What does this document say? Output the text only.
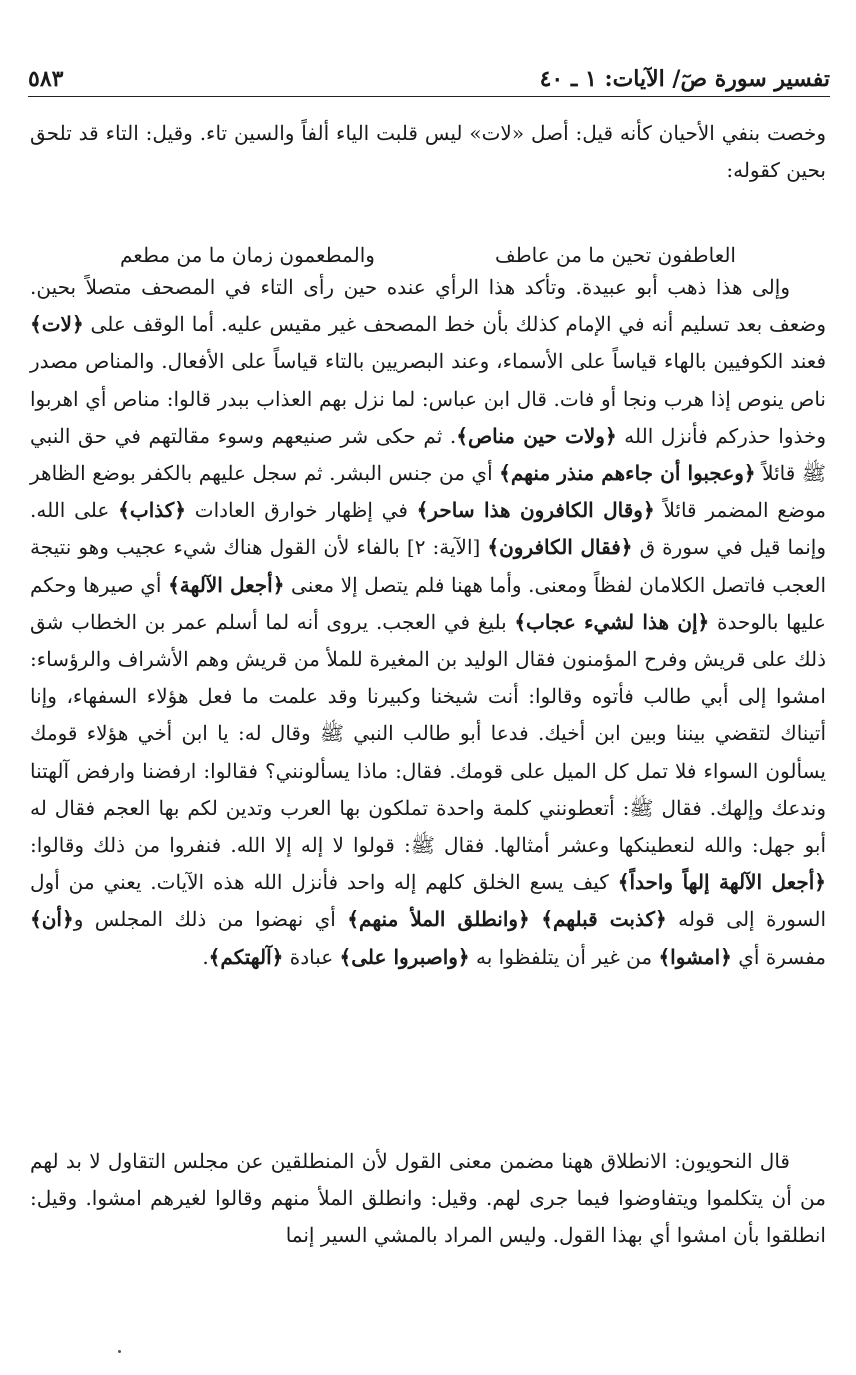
تفسير سورة صٓ/ الآيات: ١ ـ ٤٠
٥٨٣

وخصت بنفي الأحيان كأنه قيل: أصل «لات» ليس قلبت الياء ألفاً والسين تاء. وقيل: التاء قد تلحق بحين كقوله:

العاطفون تحين ما من عاطف
والمطعمون زمان ما من مطعم

وإلى هذا ذهب أبو عبيدة. وتأكد هذا الرأي عنده حين رأى التاء في المصحف متصلاً بحين. وضعف بعد تسليم أنه في الإمام كذلك بأن خط المصحف غير مقيس عليه. أما الوقف على ﴿لات﴾ فعند الكوفيين بالهاء قياساً على الأسماء، وعند البصريين بالتاء قياساً على الأفعال. والمناص مصدر ناص ينوص إذا هرب ونجا أو فات. قال ابن عباس: لما نزل بهم العذاب ببدر قالوا: مناص أي اهربوا وخذوا حذركم فأنزل الله ﴿ولات حين مناص﴾. ثم حكى شر صنيعهم وسوء مقالتهم في حق النبي ﷺ قائلاً ﴿وعجبوا أن جاءهم منذر منهم﴾ أي من جنس البشر. ثم سجل عليهم بالكفر بوضع الظاهر موضع المضمر قائلاً ﴿وقال الكافرون هذا ساحر﴾ في إظهار خوارق العادات ﴿كذاب﴾ على الله. وإنما قيل في سورة ق ﴿فقال الكافرون﴾ [الآية: ٢] بالفاء لأن القول هناك شيء عجيب وهو نتيجة العجب فاتصل الكلامان لفظاً ومعنى. وأما ههنا فلم يتصل إلا معنى ﴿أجعل الآلهة﴾ أي صيرها وحكم عليها بالوحدة ﴿إن هذا لشيء عجاب﴾ بليغ في العجب. يروى أنه لما أسلم عمر بن الخطاب شق ذلك على قريش وفرح المؤمنون فقال الوليد بن المغيرة للملأ من قريش وهم الأشراف والرؤساء: امشوا إلى أبي طالب فأتوه وقالوا: أنت شيخنا وكبيرنا وقد علمت ما فعل هؤلاء السفهاء، وإنا أتيناك لتقضي بيننا وبين ابن أخيك. فدعا أبو طالب النبي ﷺ وقال له: يا ابن أخي هؤلاء قومك يسألون السواء فلا تمل كل الميل على قومك. فقال: ماذا يسألونني؟ فقالوا: ارفضنا وارفض آلهتنا وندعك وإلهك. فقال ﷺ: أتعطونني كلمة واحدة تملكون بها العرب وتدين لكم بها العجم فقال له أبو جهل: والله لنعطينكها وعشر أمثالها. فقال ﷺ: قولوا لا إله إلا الله. فنفروا من ذلك وقالوا: ﴿أجعل الآلهة إلهاً واحداً﴾ كيف يسع الخلق كلهم إله واحد فأنزل الله هذه الآيات. يعني من أول السورة إلى قوله ﴿كذبت قبلهم﴾ ﴿وانطلق الملأ منهم﴾ أي نهضوا من ذلك المجلس و﴿أن﴾ مفسرة أي ﴿امشوا﴾ من غير أن يتلفظوا به ﴿واصبروا على﴾ عبادة ﴿آلهتكم﴾.

قال النحويون: الانطلاق ههنا مضمن معنى القول لأن المنطلقين عن مجلس التقاول لا بد لهم من أن يتكلموا ويتفاوضوا فيما جرى لهم. وقيل: وانطلق الملأ منهم وقالوا لغيرهم امشوا. وقيل: انطلقوا بأن امشوا أي بهذا القول. وليس المراد بالمشي السير إنما
